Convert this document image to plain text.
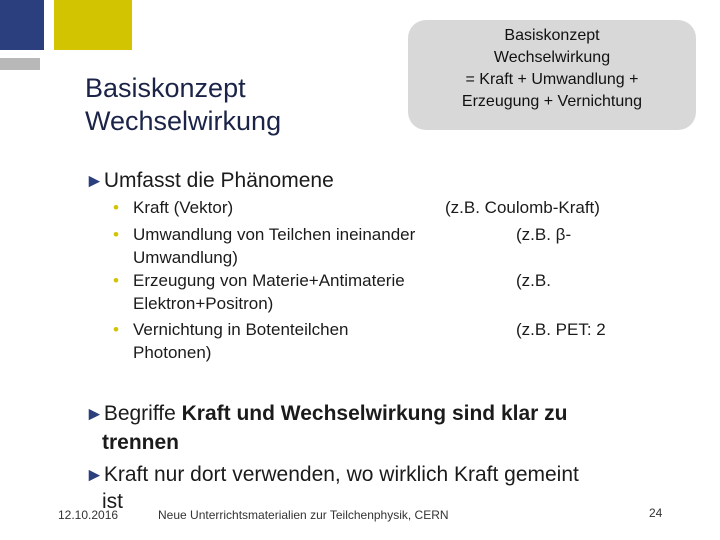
Basiskonzept
Wechselwirkung
Basiskonzept
Wechselwirkung
= Kraft + Umwandlung +
Erzeugung + Vernichtung
►Umfasst die Phänomene
• Kraft (Vektor)	(z.B. Coulomb-Kraft)
• Umwandlung von Teilchen ineinander	(z.B. β-
Umwandlung)
• Erzeugung von Materie+Antimaterie	(z.B.
Elektron+Positron)
• Vernichtung in Botenteilchen	(z.B. PET: 2
Photonen)
►Begriffe Kraft und Wechselwirkung sind klar zu
trennen
►Kraft nur dort verwenden, wo wirklich Kraft gemeint
ist
12.10.2016	Neue Unterrichtsmaterialien zur Teilchenphysik, CERN	24
